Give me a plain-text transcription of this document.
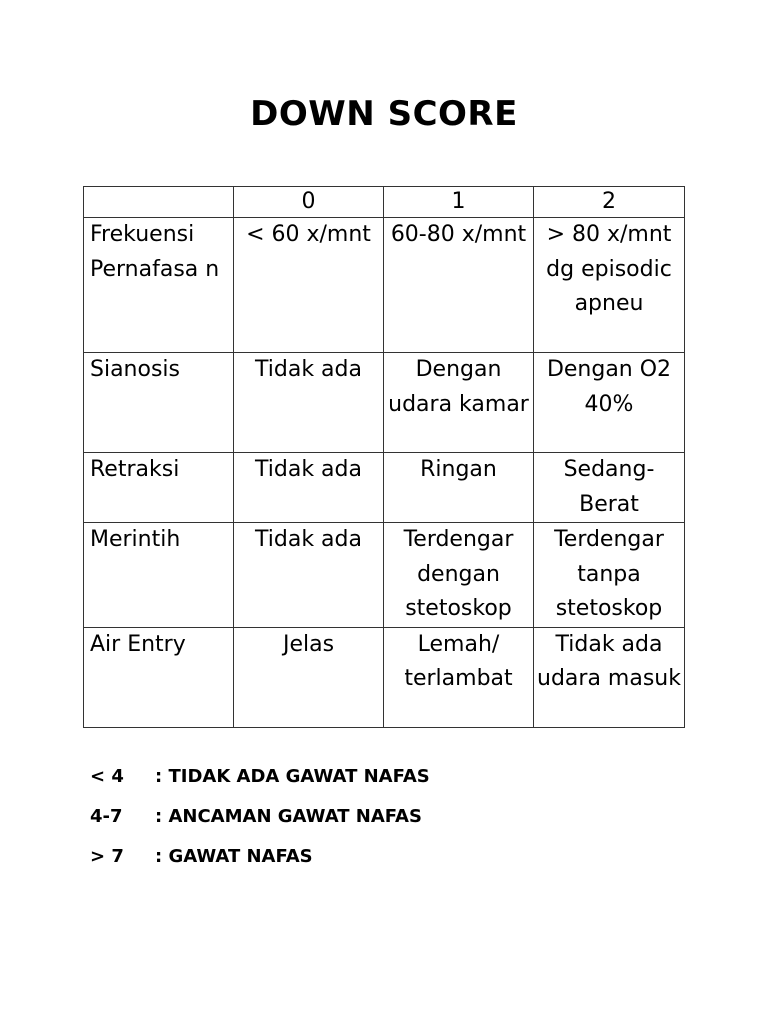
DOWN SCORE
	0	1	2
Frekuensi Pernafasa n	< 60 x/mnt	60-80 x/mnt	> 80 x/mnt dg episodic apneu
Sianosis	Tidak ada	Dengan udara kamar	Dengan O2 40%
Retraksi	Tidak ada	Ringan	Sedang- Berat
Merintih	Tidak ada	Terdengar dengan stetoskop	Terdengar tanpa stetoskop
Air Entry	Jelas	Lemah/ terlambat	Tidak ada udara masuk
< 4 : TIDAK ADA GAWAT NAFAS
4-7 : ANCAMAN GAWAT NAFAS
> 7 : GAWAT NAFAS
